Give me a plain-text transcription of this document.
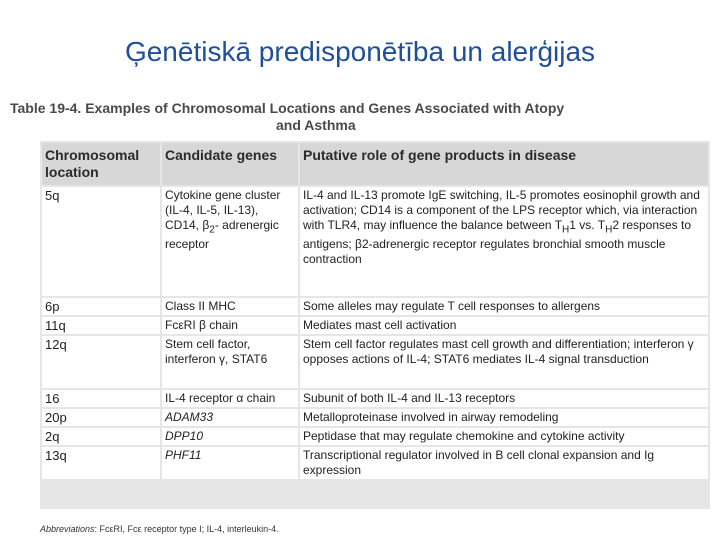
Ģenētiskā predisponētība un alerģijas
Table 19-4. Examples of Chromosomal Locations and Genes Associated with Atopy
and Asthma
Chromosomal location	Candidate genes	Putative role of gene products in disease
5q	Cytokine gene cluster (IL-4, IL-5, IL-13), CD14, $\beta_2-$ adrenergic receptor	IL-4 and IL-13 promote IgE switching, IL-5 promotes eosinophil growth and activation; CD14 is a component of the LPS receptor which, via interaction with TLR4, may influence the balance between $T_H1$ vs. $T_H2$ responses to antigens; β2-adrenergic receptor regulates bronchial smooth muscle contraction
6p	Class II MHC	Some alleles may regulate T cell responses to allergens
11q	FcεRI β chain	Mediates mast cell activation
12q	Stem cell factor, interferon γ, STAT6	Stem cell factor regulates mast cell growth and differentiation; interferon γ opposes actions of IL-4; STAT6 mediates IL-4 signal transduction
16	IL-4 receptor α chain	Subunit of both IL-4 and IL-13 receptors
20p	ADAM33	Metalloproteinase involved in airway remodeling
2q	DPP10	Peptidase that may regulate chemokine and cytokine activity
13q	PHF11	Transcriptional regulator involved in B cell clonal expansion and Ig expression
Abbreviations: FcεRI, Fcε receptor type I; IL-4, interleukin-4.
